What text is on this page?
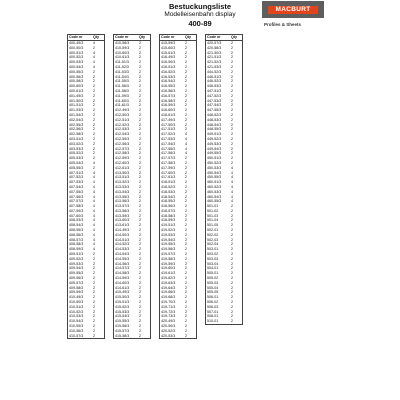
Bestuckungsliste
Modelleisenbahn display
400-89
MACBURT
Profiles & Sheets
Code nr	Qty
400-49/3	4
400-50/3	2
400-51/3	4
400-52/3	4
400-53/3	4
400-54/3	4
400-55/3	2
400-56/3	2
400-58/3	2
400-60/3	2
400-61/3	2
401-49/3	2
401-50/3	2
401-51/3	2
401-53/3	2
401-54/3	2
402-54/3	2
402-55/3	2
402-56/3	2
402-58/3	2
403-51/3	2
403-52/3	2
403-53/3	2
405-52/3	2
405-53/3	2
405-54/3	4
405-55/3	2
407-51/3	4
407-52/3	4
407-53/3	4
407-54/3	4
407-55/3	4
407-56/3	4
407-57/3	4
407-58/3	4
407-59/3	4
407-60/3	4
408-53/3	4
408-54/3	4
408-55/3	4
408-56/3	4
408-57/3	4
408-58/3	4
408-59/3	4
409-51/3	2
409-52/3	2
409-53/3	2
409-54/3	2
409-55/3	2
409-56/3	2
409-57/3	2
409-58/3	2
409-59/3	2
410-49/3	2
410-50/3	2
410-51/3	2
410-52/3	2
410-53/3	2
410-54/3	2
410-55/3	2
410-56/3	2
410-57/3	2
Code nr	Qty
410-58/3	2
410-59/3	2
410-60/3	2
410-61/3	2
411-51/3	2
411-52/3	2
411-53/3	2
411-54/3	2
411-55/3	2
411-56/3	2
411-58/3	2
411-59/3	2
411-60/3	2
411-61/3	2
412-49/3	2
412-50/3	2
412-51/3	2
412-52/3	2
412-53/3	2
412-54/3	2
412-55/3	2
412-56/3	2
412-57/3	2
412-58/3	2
412-59/3	2
412-60/3	2
412-61/3	2
413-50/3	2
413-51/3	2
413-52/3	2
413-53/3	2
413-54/3	2
413-55/3	2
413-56/3	2
413-57/3	2
413-58/3	2
413-59/3	2
413-60/3	2
413-61/3	2
414-49/3	2
414-50/3	2
414-51/3	2
414-52/3	2
414-53/3	2
414-54/3	2
414-55/3	2
414-56/3	2
414-57/3	2
414-58/3	2
414-59/3	2
414-60/3	2
414-61/3	2
415-49/3	2
415-50/3	2
415-51/3	2
415-52/3	2
415-53/3	2
415-54/3	2
415-55/3	2
415-56/3	2
415-57/3	2
415-58/3	2
Code nr	Qty
415-59/3	2
415-60/3	2
415-61/3	2
416-49/3	2
416-50/3	2
416-51/3	2
416-52/3	2
416-53/3	2
416-54/3	2
416-55/3	2
416-56/3	2
416-57/3	2
416-58/3	2
416-59/3	2
416-60/3	2
416-61/3	2
417-49/3	2
417-50/3	2
417-51/3	2
417-52/3	4
417-53/3	4
417-54/3	4
417-55/3	4
417-56/3	4
417-57/3	2
417-58/3	2
417-59/3	2
417-60/3	2
417-61/3	2
418-51/3	2
418-52/3	2
418-53/3	2
418-54/3	2
418-55/3	2
418-56/3	2
418-57/3	2
418-58/3	2
418-59/3	2
419-51/3	2
419-52/3	2
419-53/3	2
419-54/3	2
419-55/3	2
419-56/3	2
419-57/3	2
419-58/3	2
419-59/3	2
419-60/3	2
419-61/3	2
419-62/3	2
419-63/3	2
419-64/3	2
419-66/3	2
419-68/3	2
419-70/3	2
419-71/3	2
419-72/3	2
419-73/3	2
420-49/3	2
420-50/3	2
420-52/3	2
420-53/3	2
Code nr	Qty
420-57/3	2
420-58/3	2
421-50/3	2
421-51/3	2
421-52/3	2
421-53/3	2
444-52/3	2
446-51/3	2
446-52/3	2
446-53/3	2
447-51/3	2
447-52/3	2
447-53/3	2
447-54/3	2
447-55/3	2
448-52/3	2
448-53/3	2
448-54/3	2
448-55/3	2
449-51/3	2
449-52/3	2
449-53/3	2
449-54/3	2
449-55/3	2
450-51/3	2
450-52/3	2
450-53/3	4
450-54/3	4
450-55/3	4
460-51/3	4
460-52/3	4
460-53/3	4
460-54/3	4
460-55/3	4
501-01	2
501-02	2
501-03	2
501-04	2
501-05	2
502-01	2
502-02	2
502-03	2
502-04	2
503-01	2
503-02	2
503-03	2
503-04	2
504-01	2
505-01	2
505-02	2
505-03	2
505-04	2
505-05	2
506-01	2
506-02	2
506-03	2
507-01	2
508-01	2
510-01	2
